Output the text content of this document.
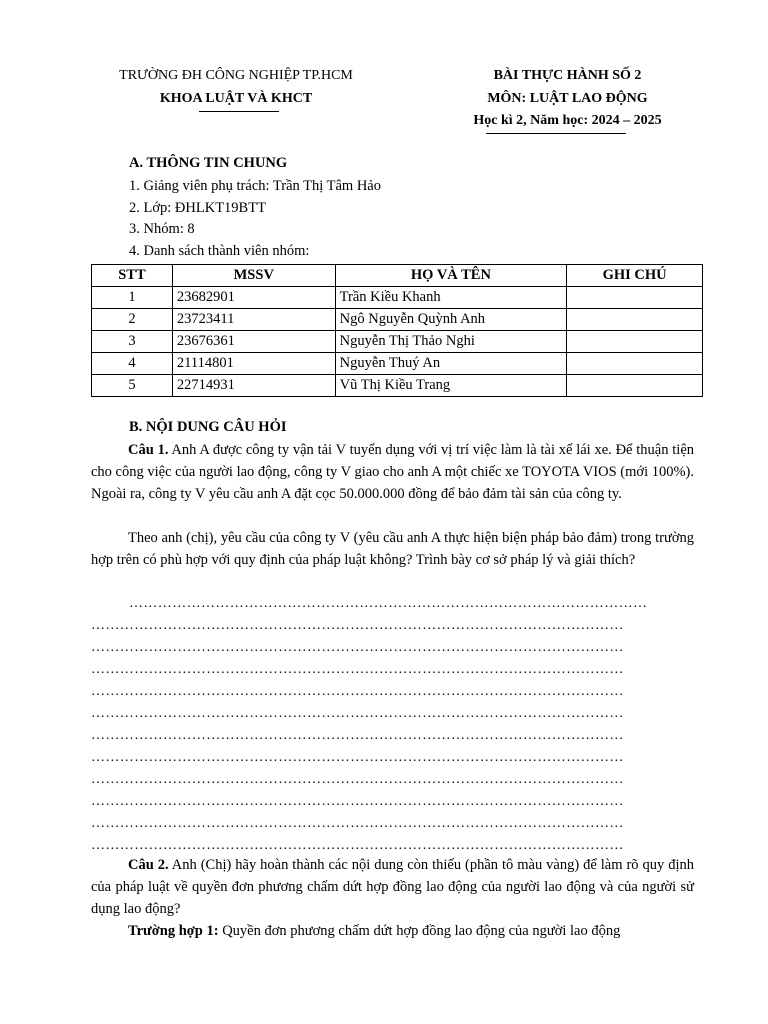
TRƯỜNG ĐH CÔNG NGHIỆP TP.HCM
KHOA LUẬT VÀ KHCT
BÀI THỰC HÀNH SỐ 2
MÔN: LUẬT LAO ĐỘNG
Học kì 2, Năm học: 2024 – 2025
A. THÔNG TIN CHUNG
1. Giảng viên phụ trách: Trần Thị Tâm Hảo
2. Lớp: ĐHLKT19BTT
3. Nhóm: 8
4. Danh sách thành viên nhóm:
STT	MSSV	HỌ VÀ TÊN	GHI CHÚ
1	23682901	Trần Kiều Khanh	
2	23723411	Ngô Nguyễn Quỳnh Anh	
3	23676361	Nguyễn Thị Thảo Nghi	
4	21114801	Nguyễn Thuý An	
5	22714931	Vũ Thị Kiều Trang	
B. NỘI DUNG CÂU HỎI
Câu 1. Anh A được công ty vận tải V tuyển dụng với vị trí việc làm là tài xế lái xe. Để thuận tiện cho công việc của người lao động, công ty V giao cho anh A một chiếc xe TOYOTA VIOS (mới 100%). Ngoài ra, công ty V yêu cầu anh A đặt cọc 50.000.000 đồng để bảo đảm tài sản của công ty.
Theo anh (chị), yêu cầu của công ty V (yêu cầu anh A thực hiện biện pháp bảo đảm) trong trường hợp trên có phù hợp với quy định của pháp luật không? Trình bày cơ sở pháp lý và giải thích?
………………………………………………………………………………………………
…………………………………………………………………………………………………
…………………………………………………………………………………………………
…………………………………………………………………………………………………
…………………………………………………………………………………………………
…………………………………………………………………………………………………
…………………………………………………………………………………………………
…………………………………………………………………………………………………
…………………………………………………………………………………………………
…………………………………………………………………………………………………
…………………………………………………………………………………………………
…………………………………………………………………………………………………
Câu 2. Anh (Chị) hãy hoàn thành các nội dung còn thiếu (phần tô màu vàng) để làm rõ quy định của pháp luật về quyền đơn phương chấm dứt hợp đồng lao động của người lao động và của người sử dụng lao động?
Trường hợp 1: Quyền đơn phương chấm dứt hợp đồng lao động của người lao động
